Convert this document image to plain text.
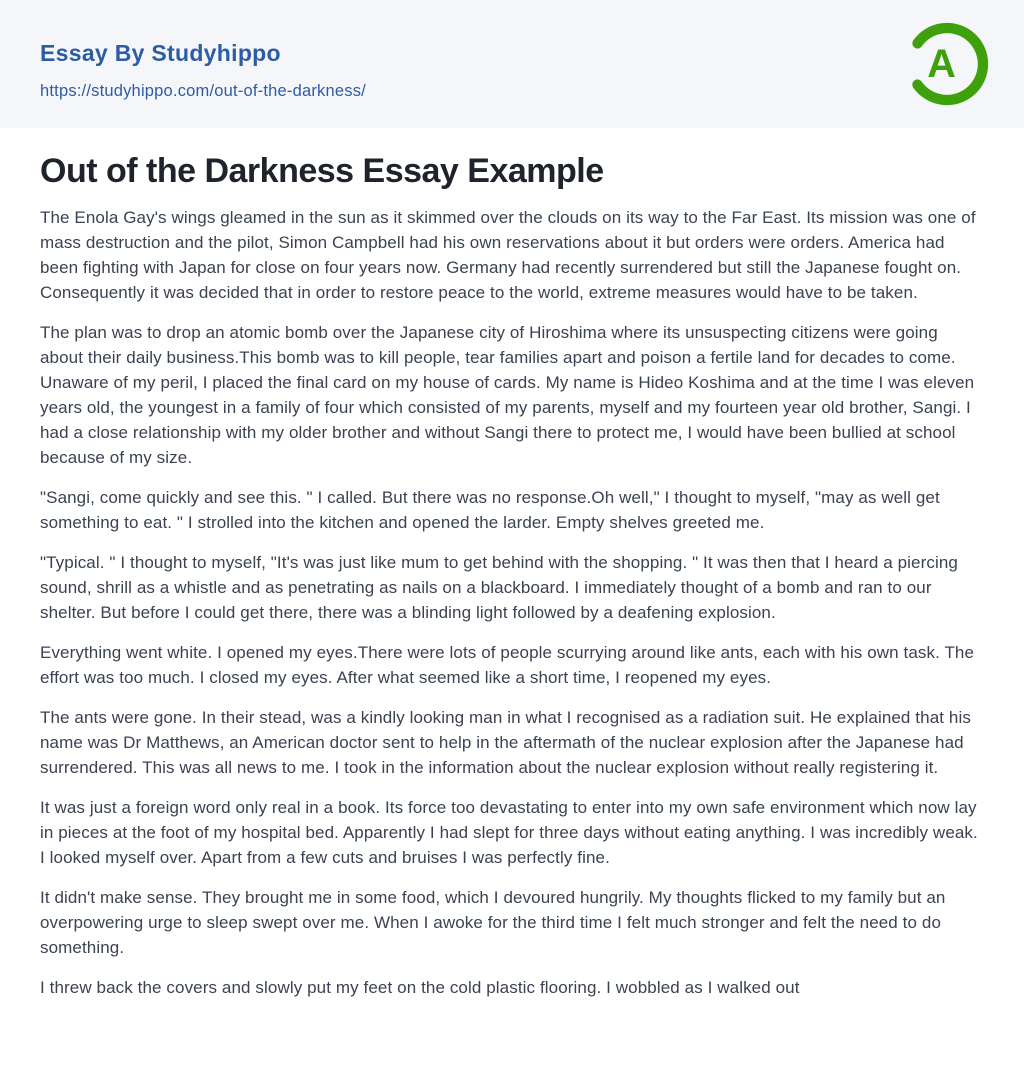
Essay By Studyhippo
https://studyhippo.com/out-of-the-darkness/
A
Out of the Darkness Essay Example

The Enola Gay's wings gleamed in the sun as it skimmed over the clouds on its way to the Far East. Its mission was one of mass destruction and the pilot, Simon Campbell had his own reservations about it but orders were orders. America had been fighting with Japan for close on four years now. Germany had recently surrendered but still the Japanese fought on. Consequently it was decided that in order to restore peace to the world, extreme measures would have to be taken.

The plan was to drop an atomic bomb over the Japanese city of Hiroshima where its unsuspecting citizens were going about their daily business.This bomb was to kill people, tear families apart and poison a fertile land for decades to come. Unaware of my peril, I placed the final card on my house of cards. My name is Hideo Koshima and at the time I was eleven years old, the youngest in a family of four which consisted of my parents, myself and my fourteen year old brother, Sangi. I had a close relationship with my older brother and without Sangi there to protect me, I would have been bullied at school because of my size.

"Sangi, come quickly and see this. " I called. But there was no response.Oh well," I thought to myself, "may as well get something to eat. " I strolled into the kitchen and opened the larder. Empty shelves greeted me.

"Typical. " I thought to myself, "It's was just like mum to get behind with the shopping. " It was then that I heard a piercing sound, shrill as a whistle and as penetrating as nails on a blackboard. I immediately thought of a bomb and ran to our shelter. But before I could get there, there was a blinding light followed by a deafening explosion.

Everything went white. I opened my eyes.There were lots of people scurrying around like ants, each with his own task. The effort was too much. I closed my eyes. After what seemed like a short time, I reopened my eyes.

The ants were gone. In their stead, was a kindly looking man in what I recognised as a radiation suit. He explained that his name was Dr Matthews, an American doctor sent to help in the aftermath of the nuclear explosion after the Japanese had surrendered. This was all news to me. I took in the information about the nuclear explosion without really registering it.

It was just a foreign word only real in a book. Its force too devastating to enter into my own safe environment which now lay in pieces at the foot of my hospital bed. Apparently I had slept for three days without eating anything. I was incredibly weak. I looked myself over. Apart from a few cuts and bruises I was perfectly fine.

It didn't make sense. They brought me in some food, which I devoured hungrily. My thoughts flicked to my family but an overpowering urge to sleep swept over me. When I awoke for the third time I felt much stronger and felt the need to do something.

I threw back the covers and slowly put my feet on the cold plastic flooring. I wobbled as I walked out
